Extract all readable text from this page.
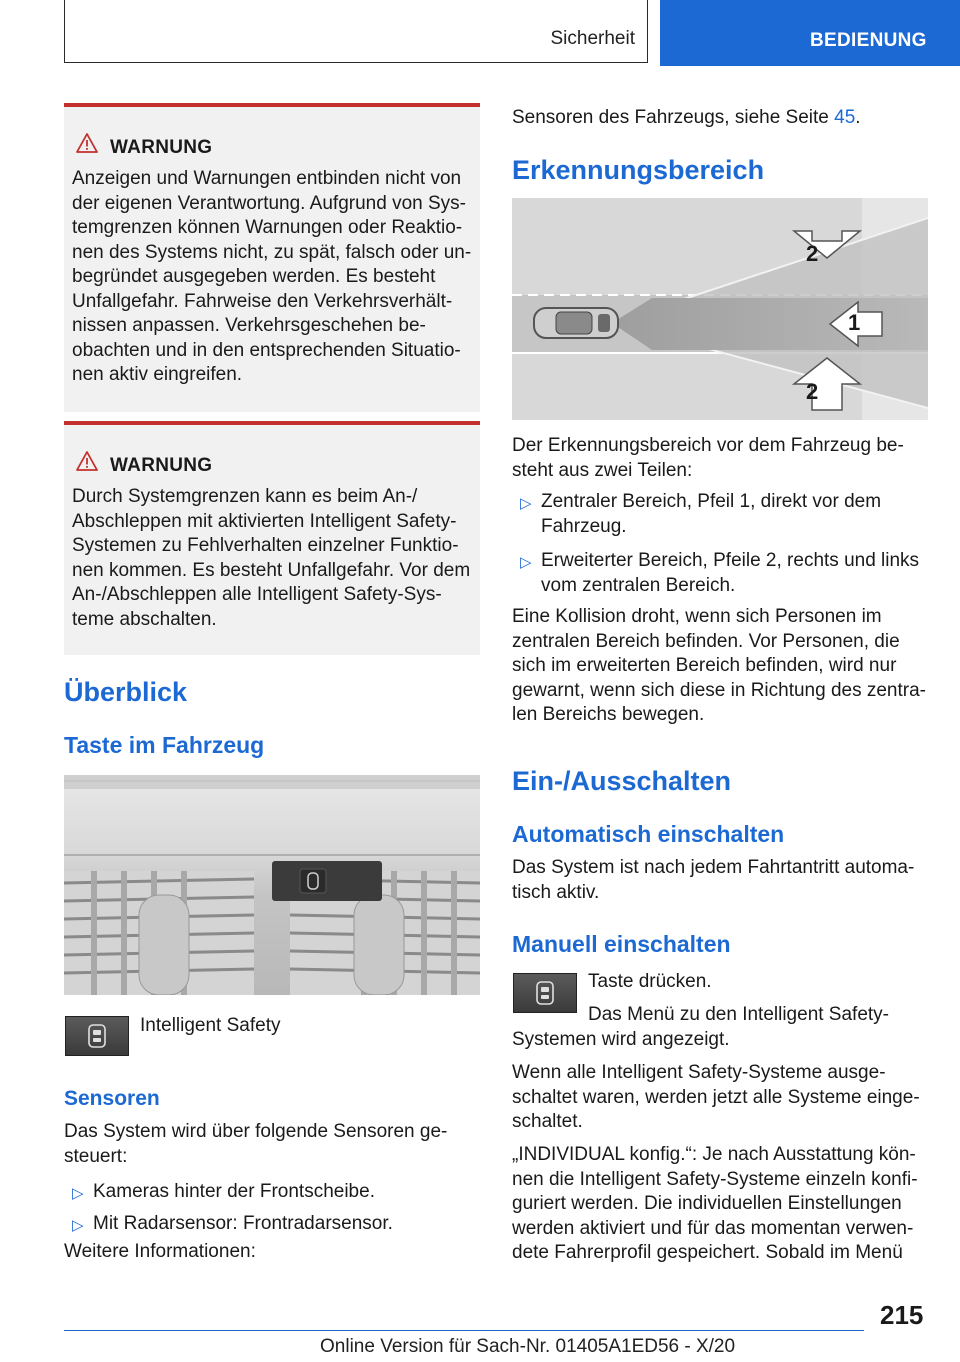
Sicherheit	BEDIENUNG
WARNUNG

Anzeigen und Warnungen entbinden nicht von

der eigenen Verantwortung. Aufgrund von Sys-

temgrenzen können Warnungen oder Reaktio-

nen des Systems nicht, zu spät, falsch oder un-

begründet ausgegeben werden. Es besteht

Unfallgefahr. Fahrweise den Verkehrsverhält-

nissen anpassen. Verkehrsgeschehen be-

obachten und in den entsprechenden Situatio-

nen aktiv eingreifen.

WARNUNG

Durch Systemgrenzen kann es beim An-/

Abschleppen mit aktivierten Intelligent Safety-

Systemen zu Fehlverhalten einzelner Funktio-

nen kommen. Es besteht Unfallgefahr. Vor dem

An-/Abschleppen alle Intelligent Safety-Sys-

teme abschalten.

Überblick
Taste im Fahrzeug
Intelligent Safety
Sensoren

Das System wird über folgende Sensoren ge-

steuert:

▷ Kameras hinter der Frontscheibe.
▷ Mit Radarsensor: Frontradarsensor.
Weitere Informationen:
Sensoren des Fahrzeugs, siehe Seite 45.
Erkennungsbereich
2
1
2

Der Erkennungsbereich vor dem Fahrzeug be-

steht aus zwei Teilen:

▷ Zentraler Bereich, Pfeil 1, direkt vor dem

Fahrzeug.

▷ Erweiterter Bereich, Pfeile 2, rechts und links

vom zentralen Bereich.

Eine Kollision droht, wenn sich Personen im

zentralen Bereich befinden. Vor Personen, die

sich im erweiterten Bereich befinden, wird nur

gewarnt, wenn sich diese in Richtung des zentra-

len Bereichs bewegen.

Ein-/Ausschalten
Automatisch einschalten

Das System ist nach jedem Fahrtantritt automa-

tisch aktiv.

Manuell einschalten
Taste drücken.

Das Menü zu den Intelligent Safety-

Systemen wird angezeigt.

Wenn alle Intelligent Safety-Systeme ausge-

schaltet waren, werden jetzt alle Systeme einge-

schaltet.

„INDIVIDUAL konfig.“: Je nach Ausstattung kön-

nen die Intelligent Safety-Systeme einzeln konfi-

guriert werden. Die individuellen Einstellungen

werden aktiviert und für das momentan verwen-

dete Fahrerprofil gespeichert. Sobald im Menü

215
Online Version für Sach-Nr. 01405A1ED56 - X/20
